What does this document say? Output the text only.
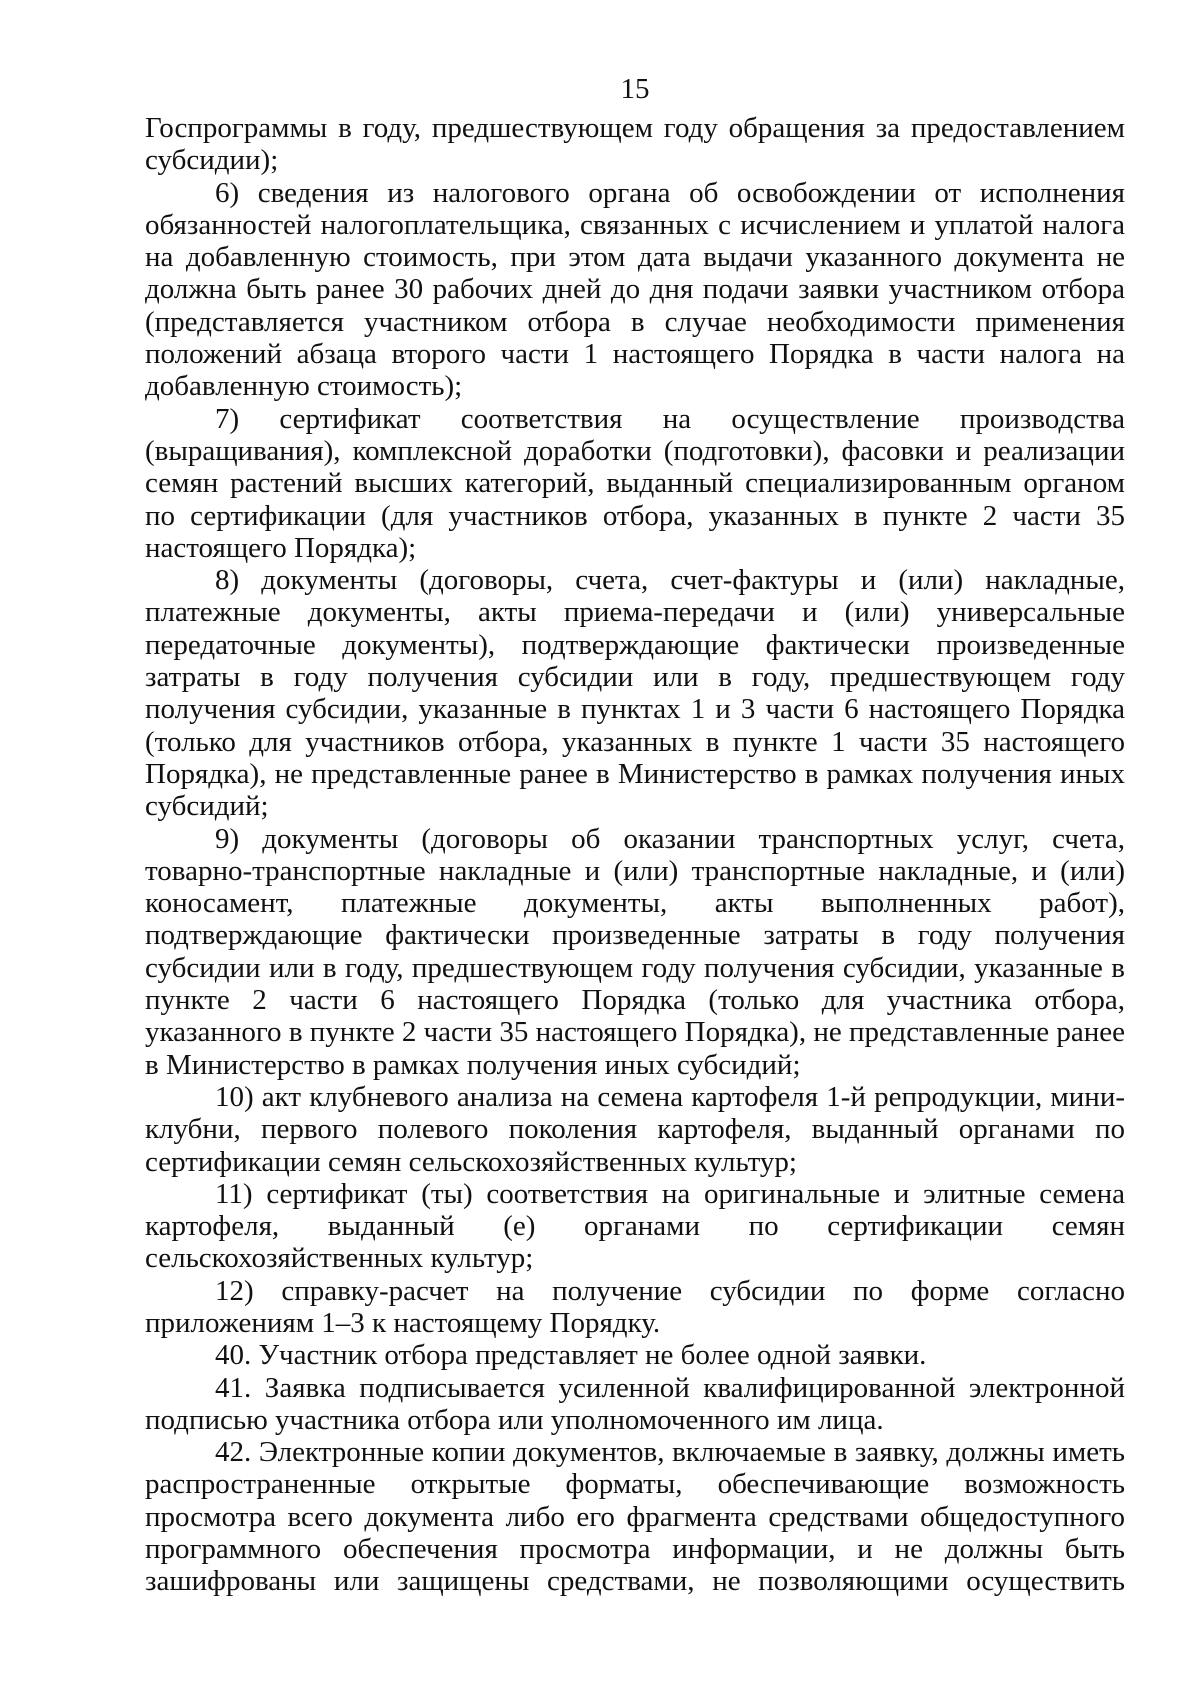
15

Госпрограммы в году, предшествующем году обращения за предоставлением субсидии);

6) сведения из налогового органа об освобождении от исполнения обязанностей налогоплательщика, связанных с исчислением и уплатой налога на добавленную стоимость, при этом дата выдачи указанного документа не должна быть ранее 30 рабочих дней до дня подачи заявки участником отбора (представляется участником отбора в случае необходимости применения положений абзаца второго части 1 настоящего Порядка в части налога на добавленную стоимость);

7) сертификат соответствия на осуществление производства (выращивания), комплексной доработки (подготовки), фасовки и реализации семян растений высших категорий, выданный специализированным органом по сертификации (для участников отбора, указанных в пункте 2 части 35 настоящего Порядка);

8) документы (договоры, счета, счет-фактуры и (или) накладные, платежные документы, акты приема-передачи и (или) универсальные передаточные документы), подтверждающие фактически произведенные затраты в году получения субсидии или в году, предшествующем году получения субсидии, указанные в пунктах 1 и 3 части 6 настоящего Порядка (только для участников отбора, указанных в пункте 1 части 35 настоящего Порядка), не представленные ранее в Министерство в рамках получения иных субсидий;

9) документы (договоры об оказании транспортных услуг, счета, товарно-транспортные накладные и (или) транспортные накладные, и (или) коносамент, платежные документы, акты выполненных работ), подтверждающие фактически произведенные затраты в году получения субсидии или в году, предшествующем году получения субсидии, указанные в пункте 2 части 6 настоящего Порядка (только для участника отбора, указанного в пункте 2 части 35 настоящего Порядка), не представленные ранее в Министерство в рамках получения иных субсидий;

10) акт клубневого анализа на семена картофеля 1-й репродукции, мини-клубни, первого полевого поколения картофеля, выданный органами по сертификации семян сельскохозяйственных культур;

11) сертификат (ты) соответствия на оригинальные и элитные семена картофеля, выданный (е) органами по сертификации семян сельскохозяйственных культур;

12) справку-расчет на получение субсидии по форме согласно приложениям 1–3 к настоящему Порядку.

40. Участник отбора представляет не более одной заявки.

41. Заявка подписывается усиленной квалифицированной электронной подписью участника отбора или уполномоченного им лица.

42. Электронные копии документов, включаемые в заявку, должны иметь распространенные открытые форматы, обеспечивающие возможность просмотра всего документа либо его фрагмента средствами общедоступного программного обеспечения просмотра информации, и не должны быть зашифрованы или защищены средствами, не позволяющими осуществить
